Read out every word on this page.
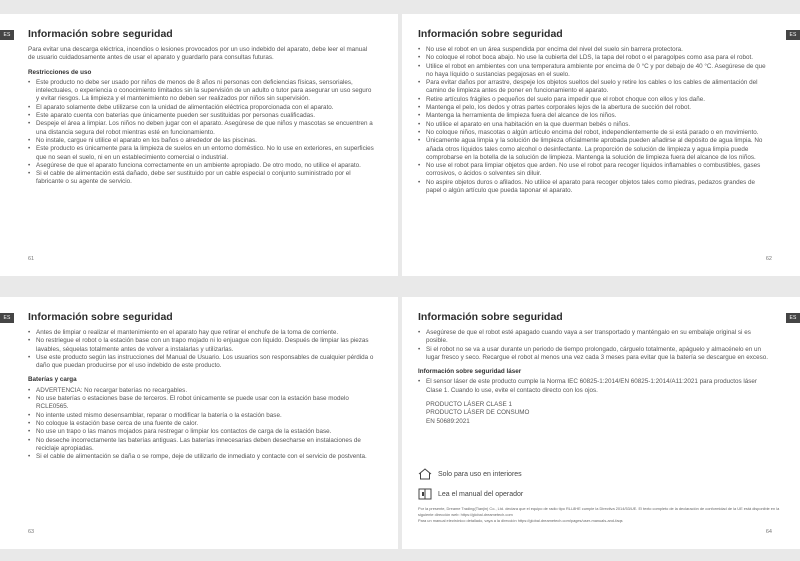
ES	Información sobre seguridad

Para evitar una descarga eléctrica, incendios o lesiones provocados por un uso indebido del aparato, debe leer el manual de usuario cuidadosamente antes de usar el aparato y guardarlo para consultas futuras.

Restricciones de uso
• Este producto no debe ser usado por niños de menos de 8 años ni personas con deficiencias físicas, sensoriales, intelectuales, o experiencia o conocimiento limitados sin la supervisión de un adulto o tutor para asegurar un uso seguro y evitar riesgos. La limpieza y el mantenimiento no deben ser realizados por niños sin supervisión.
• El aparato solamente debe utilizarse con la unidad de alimentación eléctrica proporcionada con el aparato.
• Este aparato cuenta con baterías que únicamente pueden ser sustituidas por personas cualificadas.
• Despeje el área a limpiar. Los niños no deben jugar con el aparato. Asegúrese de que niños y mascotas se encuentren a una distancia segura del robot mientras esté en funcionamiento.
• No instale, cargue ni utilice el aparato en los baños o alrededor de las piscinas.
• Este producto es únicamente para la limpieza de suelos en un entorno doméstico. No lo use en exteriores, en superficies que no sean el suelo, ni en un establecimiento comercial o industrial.
• Asegúrese de que el aparato funciona correctamente en un ambiente apropiado. De otro modo, no utilice el aparato.
• Si el cable de alimentación está dañado, debe ser sustituido por un cable especial o conjunto suministrado por el fabricante o su agente de servicio.
61
ES
Información sobre seguridad
• No use el robot en un área suspendida por encima del nivel del suelo sin barrera protectora.
• No coloque el robot boca abajo. No use la cubierta del LDS, la tapa del robot o el paragolpes como asa para el robot.
• Utilice el robot en ambientes con una temperatura ambiente por encima de 0 °C y por debajo de 40 °C. Asegúrese de que no haya líquido o sustancias pegajosas en el suelo.
• Para evitar daños por arrastre, despeje los objetos sueltos del suelo y retire los cables o los cables de alimentación del camino de limpieza antes de poner en funcionamiento el aparato.
• Retire artículos frágiles o pequeños del suelo para impedir que el robot choque con ellos y los dañe.
• Mantenga el pelo, los dedos y otras partes corporales lejos de la abertura de succión del robot.
• Mantenga la herramienta de limpieza fuera del alcance de los niños.
• No utilice el aparato en una habitación en la que duerman bebés o niños.
• No coloque niños, mascotas o algún artículo encima del robot, independientemente de si está parado o en movimiento.
• Únicamente agua limpia y la solución de limpieza oficialmente aprobada pueden añadirse al depósito de agua limpia. No añada otros líquidos tales como alcohol o desinfectante. La proporción de solución de limpieza y agua limpia puede comprobarse en la botella de la solución de limpieza. Mantenga la solución de limpieza fuera del alcance de los niños.
• No use el robot para limpiar objetos que arden. No use el robot para recoger líquidos inflamables o combustibles, gases corrosivos, o ácidos o solventes sin diluir.
• No aspire objetos duros o afilados. No utilice el aparato para recoger objetos tales como piedras, pedazos grandes de papel o algún artículo que pueda taponar el aparato.
62
ES	Información sobre seguridad
• Antes de limpiar o realizar el mantenimiento en el aparato hay que retirar el enchufe de la toma de corriente.
• No restriegue el robot o la estación base con un trapo mojado ni lo enjuague con líquido. Después de limpiar las piezas lavables, séquelas totalmente antes de volver a instalarlas y utilizarlas.
• Use este producto según las instrucciones del Manual de Usuario. Los usuarios son responsables de cualquier pérdida o daño que puedan producirse por el uso indebido de este producto.
Baterías y carga
• ADVERTENCIA: No recargar baterías no recargables.
• No use baterías o estaciones base de terceros. El robot únicamente se puede usar con la estación base modelo RCLE0565.
• No intente usted mismo desensamblar, reparar o modificar la batería o la estación base.
• No coloque la estación base cerca de una fuente de calor.
• No use un trapo o las manos mojados para restregar o limpiar los contactos de carga de la estación base.
• No deseche incorrectamente las baterías antiguas. Las baterías innecesarias deben desecharse en instalaciones de reciclaje apropiadas.
• Si el cable de alimentación se daña o se rompe, deje de utilizarlo de inmediato y contacte con el servicio de postventa.
63
ES
Información sobre seguridad
• Asegúrese de que el robot esté apagado cuando vaya a ser transportado y manténgalo en su embalaje original si es posible.
• Si el robot no se va a usar durante un periodo de tiempo prolongado, cárguelo totalmente, apáguelo y almacénelo en un lugar fresco y seco. Recargue el robot al menos una vez cada 3 meses para evitar que la batería se descargue en exceso.
Información sobre seguridad láser
• El sensor láser de este producto cumple la Norma IEC 60825-1:2014/EN 60825-1:2014/A11:2021 para productos láser Clase 1. Cuando lo use, evite el contacto directo con los ojos.
PRODUCTO LÁSER CLASE 1
PRODUCTO LÁSER DE CONSUMO
EN 50689:2021
Solo para uso en interiores
Lea el manual del operador
Por la presente, Dreame Trading(Tianjin) Co., Ltd. declara que el equipo de radio tipo RLL8HE cumple la Directiva 2014/53/UE. El texto completo de la declaración de conformidad de la UE está disponible en la siguiente dirección web: https://global.dreametech.com
Para un manual electrónico detallado, vaya a la dirección https://global.dreametech.com/pages/user-manuals-and-faqs
64
